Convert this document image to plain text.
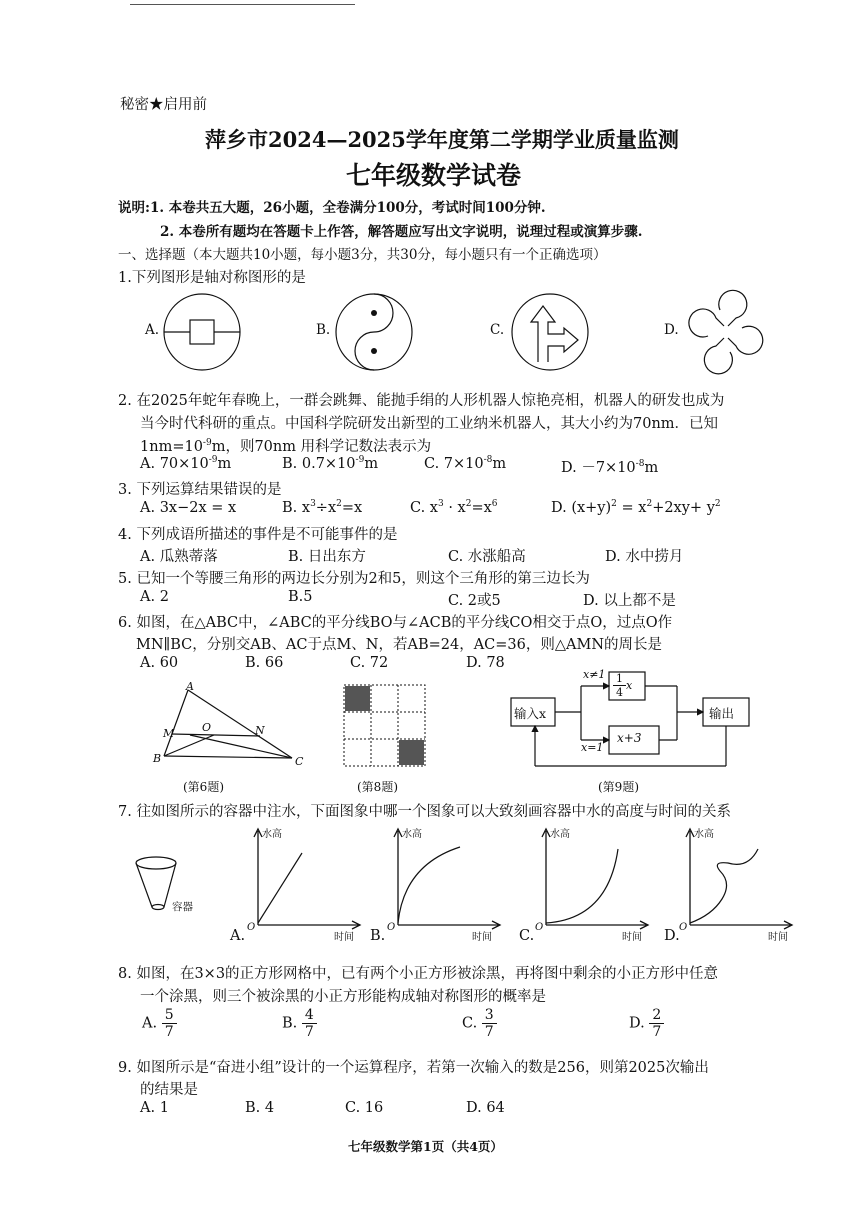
秘密★启用前
萍乡市2024—2025学年度第二学期学业质量监测
七年级数学试卷
说明:1. 本卷共五大题，26小题，全卷满分100分，考试时间100分钟.
2. 本卷所有题均在答题卡上作答，解答题应写出文字说明，说理过程或演算步骤.
一、选择题（本大题共10小题，每小题3分，共30分，每小题只有一个正确选项）
1.下列图形是轴对称图形的是
A.	B.	C.	D.
2. 在2025年蛇年春晚上，一群会跳舞、能抛手绢的人形机器人惊艳亮相，机器人的研发也成为
当今时代科研的重点。中国科学院研发出新型的工业纳米机器人，其大小约为70nm．已知
$1nm=10^{-9}m$，则70nm 用科学记数法表示为
A. $70\times 10^{-9}m$	B. $0.7\times 10^{-9}m$	C. $7\times 10^{-8}m$	D. $-7\times 10^{-8}m$
3. 下列运算结果错误的是
A. 3x−2x = x	B. $x^3\div x^2=x$	C. $x^3 \cdot x^2=x^6$	D. $(x+y)^2 = x^2+2xy+ y^2$
4. 下列成语所描述的事件是不可能事件的是
A. 瓜熟蒂落	B. 日出东方	C. 水涨船高	D. 水中捞月
5. 已知一个等腰三角形的两边长分别为2和5，则这个三角形的第三边长为
A. 2	B.5	C. 2或5	D. 以上都不是
6. 如图，在△ABC中，∠ABC的平分线BO与∠ACB的平分线CO相交于点O，过点O作
MN∥BC，分别交AB、AC于点M、N，若AB=24，AC=36，则△AMN的周长是
A. 60	B. 66	C. 72	D. 78
A
M	O	N
B	C
(第6题)	(第8题)
输入x	输出
x≠1
x=1
$\frac{1}{4}$ x
x+3
(第9题)
7. 往如图所示的容器中注水，下面图象中哪一个图象可以大致刻画容器中水的高度与时间的关系
容器
水高
时间
O
A.
水高
时间
O
B.
水高
时间
O
C.
水高
时间
O
D.
8. 如图，在3×3的正方形网格中，已有两个小正方形被涂黑，再将图中剩余的小正方形中任意
一个涂黑，则三个被涂黑的小正方形能构成轴对称图形的概率是
A. $\frac{5}{7}$	B. $\frac{4}{7}$	C. $\frac{3}{7}$	D. $\frac{2}{7}$
9. 如图所示是“奋进小组”设计的一个运算程序，若第一次输入的数是256，则第2025次输出
的结果是
A. 1	B. 4	C. 16	D. 64
七年级数学第1页（共4页）
